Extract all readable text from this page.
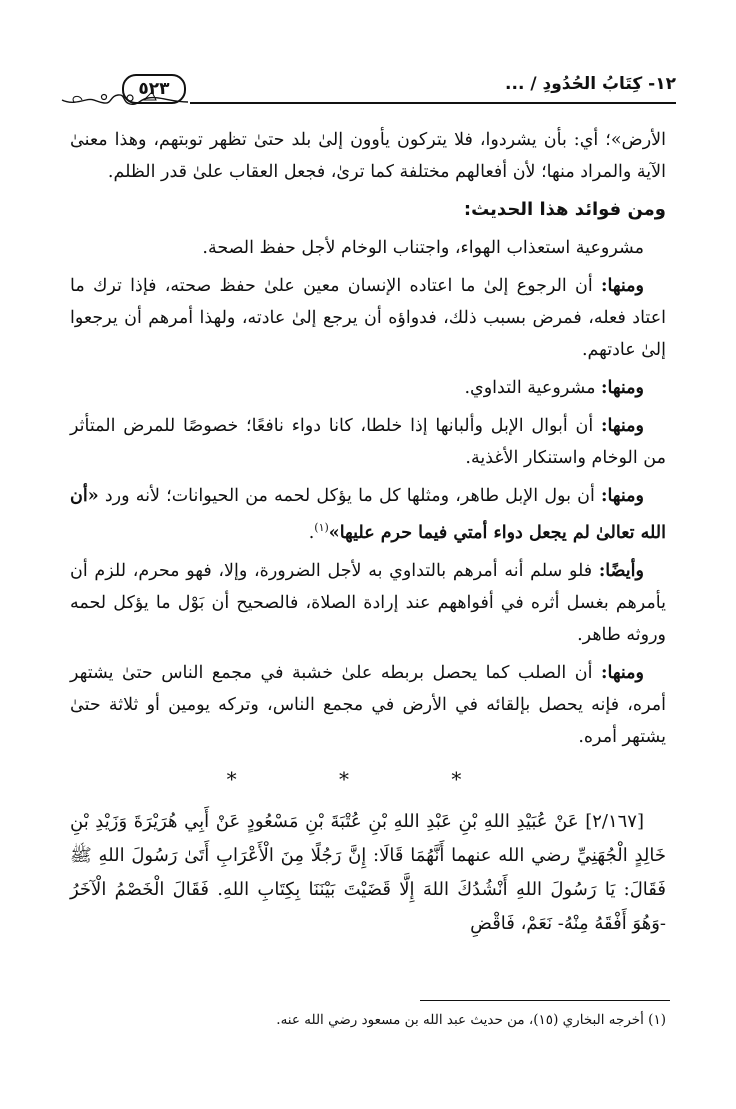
١٢- كِتَابُ الحُدُودِ / ...
٥٢٣

الأرض»؛ أي: بأن يشردوا، فلا يتركون يأوون إلىٰ بلد حتىٰ تظهر توبتهم، وهذا معنىٰ الآية والمراد منها؛ لأن أفعالهم مختلفة كما ترىٰ، فجعل العقاب علىٰ قدر الظلم.

ومن فوائد هذا الحديث:

مشروعية استعذاب الهواء، واجتناب الوخام لأجل حفظ الصحة.

ومنها: أن الرجوع إلىٰ ما اعتاده الإنسان معين علىٰ حفظ صحته، فإذا ترك ما اعتاد فعله، فمرض بسبب ذلك، فدواؤه أن يرجع إلىٰ عادته، ولهذا أمرهم أن يرجعوا إلىٰ عادتهم.

ومنها: مشروعية التداوي.

ومنها: أن أبوال الإبل وألبانها إذا خلطا، كانا دواء نافعًا؛ خصوصًا للمرض المتأثر من الوخام واستنكار الأغذية.

ومنها: أن بول الإبل طاهر، ومثلها كل ما يؤكل لحمه من الحيوانات؛ لأنه ورد «أن الله تعالىٰ لم يجعل دواء أمتي فيما حرم عليها»$^{(١)}$.

وأيضًا: فلو سلم أنه أمرهم بالتداوي به لأجل الضرورة، وإلا، فهو محرم، للزم أن يأمرهم بغسل أثره في أفواههم عند إرادة الصلاة، فالصحيح أن بَوْل ما يؤكل لحمه وروثه طاهر.

ومنها: أن الصلب كما يحصل بربطه علىٰ خشبة في مجمع الناس حتىٰ يشتهر أمره، فإنه يحصل بإلقائه في الأرض في مجمع الناس، وتركه يومين أو ثلاثة حتىٰ يشتهر أمره.

* * *

[٢/١٦٧] عَنْ عُبَيْدِ اللهِ بْنِ عَبْدِ اللهِ بْنِ عُتْبَةَ بْنِ مَسْعُودٍ عَنْ أَبِي هُرَيْرَةَ وَزَيْدِ بْنِ خَالِدٍ الْجُهَنِيِّ رضي الله عنهما أَنَّهُمَا قَالَا: إِنَّ رَجُلًا مِنَ الْأَعْرَابِ أَتَىٰ رَسُولَ اللهِ ﷺ فَقَالَ: يَا رَسُولَ اللهِ أَنْشُدُكَ اللهَ إِلَّا قَضَيْتَ بَيْنَنَا بِكِتَابِ اللهِ. فَقَالَ الْخَصْمُ الْآخَرُ -وَهُوَ أَفْقَهُ مِنْهُ- نَعَمْ، فَاقْضِ

(١) أخرجه البخاري (١٥)، من حديث عبد الله بن مسعود رضي الله عنه.
